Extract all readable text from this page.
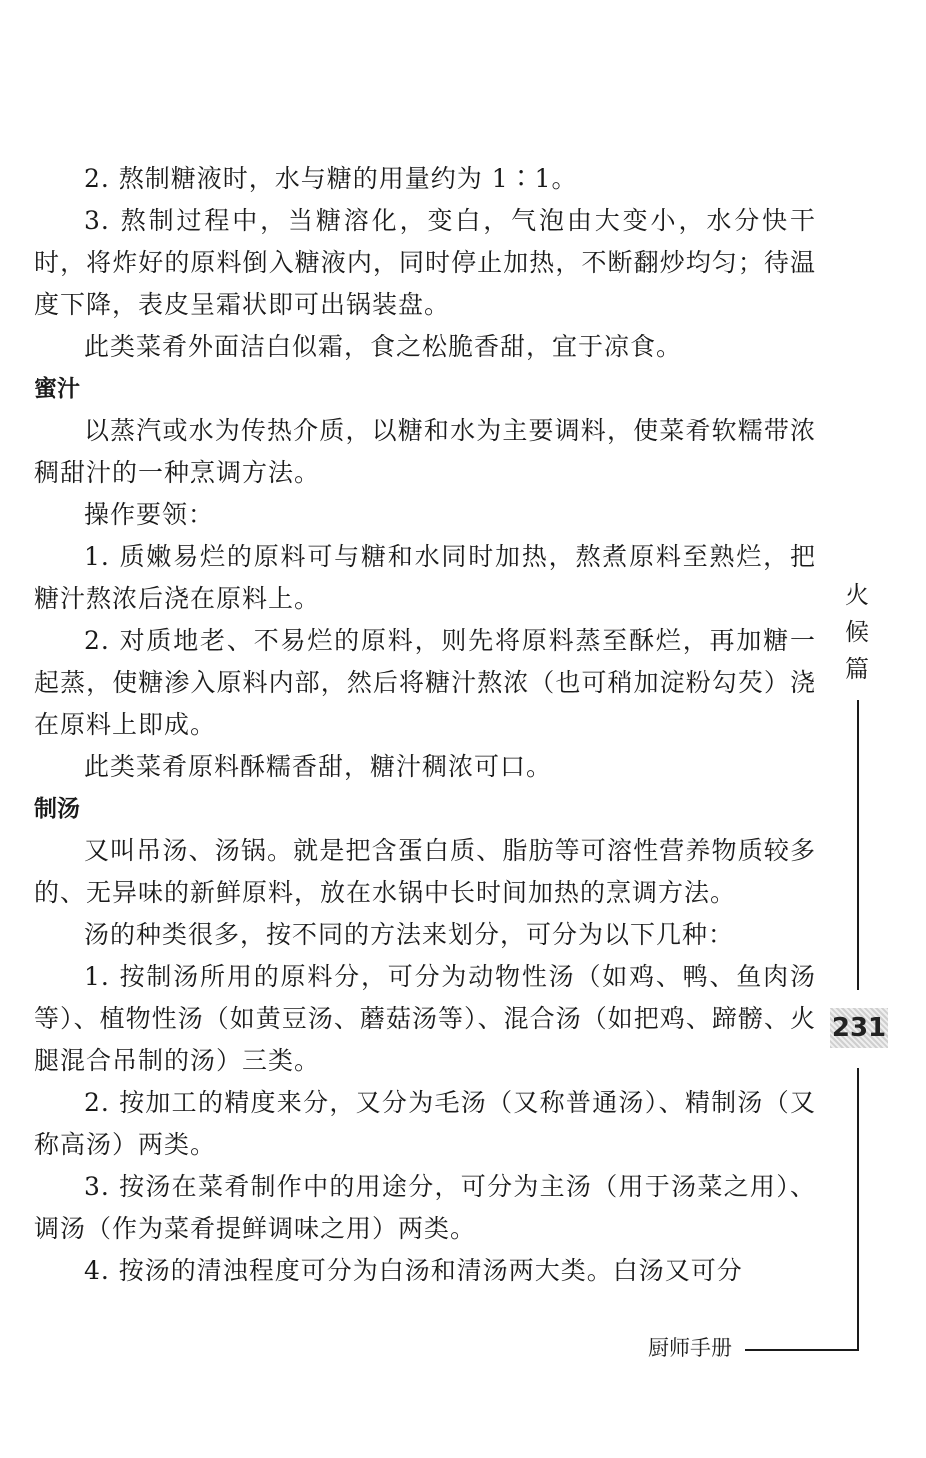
2. 熬制糖液时，水与糖的用量约为 1∶1。

3. 熬制过程中，当糖溶化，变白，气泡由大变小，水分快干时，将炸好的原料倒入糖液内，同时停止加热，不断翻炒均匀；待温度下降，表皮呈霜状即可出锅装盘。

此类菜肴外面洁白似霜，食之松脆香甜，宜于凉食。

蜜汁

以蒸汽或水为传热介质，以糖和水为主要调料，使菜肴软糯带浓稠甜汁的一种烹调方法。

操作要领：

1. 质嫩易烂的原料可与糖和水同时加热，熬煮原料至熟烂，把糖汁熬浓后浇在原料上。

2. 对质地老、不易烂的原料，则先将原料蒸至酥烂，再加糖一起蒸，使糖渗入原料内部，然后将糖汁熬浓（也可稍加淀粉勾芡）浇在原料上即成。

此类菜肴原料酥糯香甜，糖汁稠浓可口。

制汤

又叫吊汤、汤锅。就是把含蛋白质、脂肪等可溶性营养物质较多的、无异味的新鲜原料，放在水锅中长时间加热的烹调方法。

汤的种类很多，按不同的方法来划分，可分为以下几种：

1. 按制汤所用的原料分，可分为动物性汤（如鸡、鸭、鱼肉汤等）、植物性汤（如黄豆汤、蘑菇汤等）、混合汤（如把鸡、蹄髈、火腿混合吊制的汤）三类。

2. 按加工的精度来分，又分为毛汤（又称普通汤）、精制汤（又称高汤）两类。

3. 按汤在菜肴制作中的用途分，可分为主汤（用于汤菜之用）、调汤（作为菜肴提鲜调味之用）两类。

4. 按汤的清浊程度可分为白汤和清汤两大类。白汤又可分

火
候
篇
231
厨师手册
